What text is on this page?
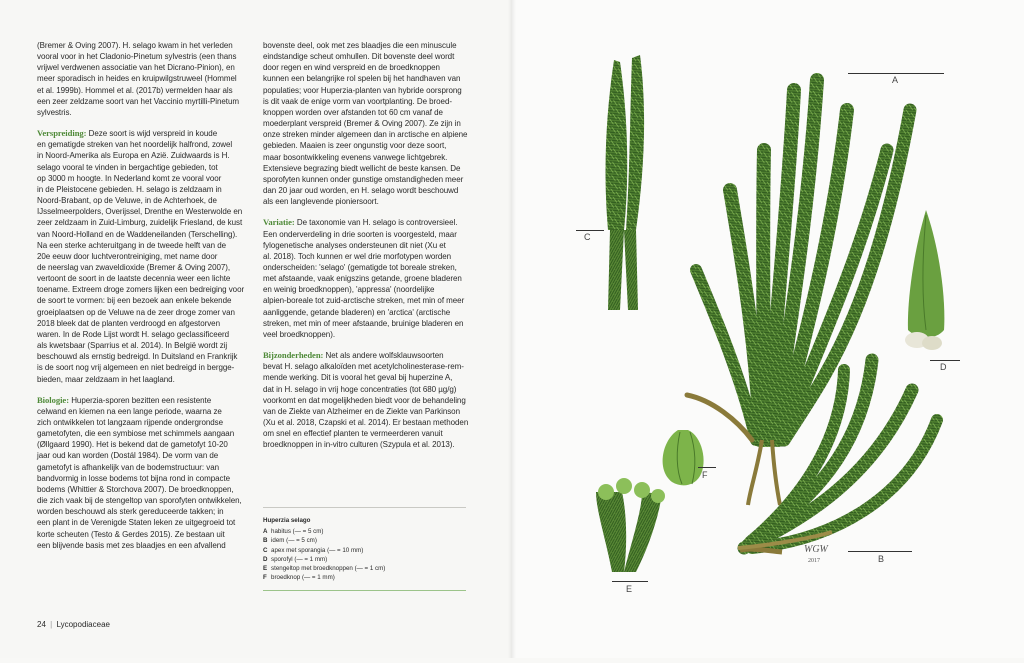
(Bremer & Oving 2007). H. selago kwam in het verleden
vooral voor in het Cladonio-Pinetum sylvestris (een thans
vrijwel verdwenen associatie van het Dicrano-Pinion), en
meer sporadisch in heides en kruipwilgstruweel (Hommel
et al. 1999b). Hommel et al. (2017b) vermelden haar als
een zeer zeldzame soort van het Vaccinio myrtilli-Pinetum
sylvestris.

Verspreiding: Deze soort is wijd verspreid in koude
en gematigde streken van het noordelijk halfrond, zowel
in Noord-Amerika als Europa en Azië. Zuidwaards is H.
selago vooral te vinden in bergachtige gebieden, tot
op 3000 m hoogte. In Nederland komt ze vooral voor
in de Pleistocene gebieden. H. selago is zeldzaam in
Noord-Brabant, op de Veluwe, in de Achterhoek, de
IJsselmeerpolders, Overijssel, Drenthe en Westerwolde en
zeer zeldzaam in Zuid-Limburg, zuidelijk Friesland, de kust
van Noord-Holland en de Waddeneilanden (Terschelling).
Na een sterke achteruitgang in de tweede helft van de
20e eeuw door luchtverontreiniging, met name door
de neerslag van zwaveldioxide (Bremer & Oving 2007),
vertoont de soort in de laatste decennia weer een lichte
toename. Extreem droge zomers lijken een bedreiging voor
de soort te vormen: bij een bezoek aan enkele bekende
groeiplaatsen op de Veluwe na de zeer droge zomer van
2018 bleek dat de planten verdroogd en afgestorven
waren. In de Rode Lijst wordt H. selago geclassificeerd
als kwetsbaar (Sparrius et al. 2014). In België wordt zij
beschouwd als ernstig bedreigd. In Duitsland en Frankrijk
is de soort nog vrij algemeen en niet bedreigd in bergge-
bieden, maar zeldzaam in het laagland.

Biologie: Huperzia-sporen bezitten een resistente
celwand en kiemen na een lange periode, waarna ze
zich ontwikkelen tot langzaam rijpende ondergrondse
gametofyten, die een symbiose met schimmels aangaan
(Øllgaard 1990). Het is bekend dat de gametofyt 10-20
jaar oud kan worden (Dostál 1984). De vorm van de
gametofyt is afhankelijk van de bodemstructuur: van
bandvormig in losse bodems tot bijna rond in compacte
bodems (Whittier & Storchova 2007). De broedknoppen,
die zich vaak bij de stengeltop van sporofyten ontwikkelen,
worden beschouwd als sterk gereduceerde takken; in
een plant in de Verenigde Staten leken ze uitgegroeid tot
korte scheuten (Testo & Gerdes 2015). Ze bestaan uit
een blijvende basis met zes blaadjes en een afvallend

bovenste deel, ook met zes blaadjes die een minuscule
eindstandige scheut omhullen. Dit bovenste deel wordt
door regen en wind verspreid en de broedknoppen
kunnen een belangrijke rol spelen bij het handhaven van
populaties; voor Huperzia-planten van hybride oorsprong
is dit vaak de enige vorm van voortplanting. De broed-
knoppen worden over afstanden tot 60 cm vanaf de
moederplant verspreid (Bremer & Oving 2007). Ze zijn in
onze streken minder algemeen dan in arctische en alpiene
gebieden. Maaien is zeer ongunstig voor deze soort,
maar bosontwikkeling evenens vanwege lichtgebrek.
Extensieve begrazing biedt wellicht de beste kansen. De
sporofyten kunnen onder gunstige omstandigheden meer
dan 20 jaar oud worden, en H. selago wordt beschouwd
als een langlevende pioniersoort.

Variatie: De taxonomie van H. selago is controversieel.
Een onderverdeling in drie soorten is voorgesteld, maar
fylogenetische analyses ondersteunen dit niet (Xu et
al. 2018). Toch kunnen er wel drie morfotypen worden
onderscheiden: 'selago' (gematigde tot boreale streken,
met afstaande, vaak enigszins getande, groene bladeren
en weinig broedknoppen), 'appressa' (noordelijke
alpien-boreale tot zuid-arctische streken, met min of meer
aanliggende, getande bladeren) en 'arctica' (arctische
streken, met min of meer afstaande, bruinige bladeren en
veel broedknoppen).

Bijzonderheden: Net als andere wolfsklauwsoorten
bevat H. selago alkaloïden met acetylcholinesterase-rem-
mende werking. Dit is vooral het geval bij huperzine A,
dat in H. selago in vrij hoge concentraties (tot 680 µg/g)
voorkomt en dat mogelijkheden biedt voor de behandeling
van de Ziekte van Alzheimer en de Ziekte van Parkinson
(Xu et al. 2018, Czapski et al. 2014). Er bestaan methoden
om snel en effectief planten te vermeerderen vanuit
broedknoppen in in-vitro culturen (Szypula et al. 2013).

Huperzia selago
A habitus (— = 5 cm)
B idem (— = 5 cm)
C apex met sporangia (— = 10 mm)
D sporofyl (— = 1 mm)
E stengeltop met broedknoppen (— = 1 cm)
F broedknop (— = 1 mm)
24 | Lycopodiaceae
WGW
2017
A
C
D
F
B
E
